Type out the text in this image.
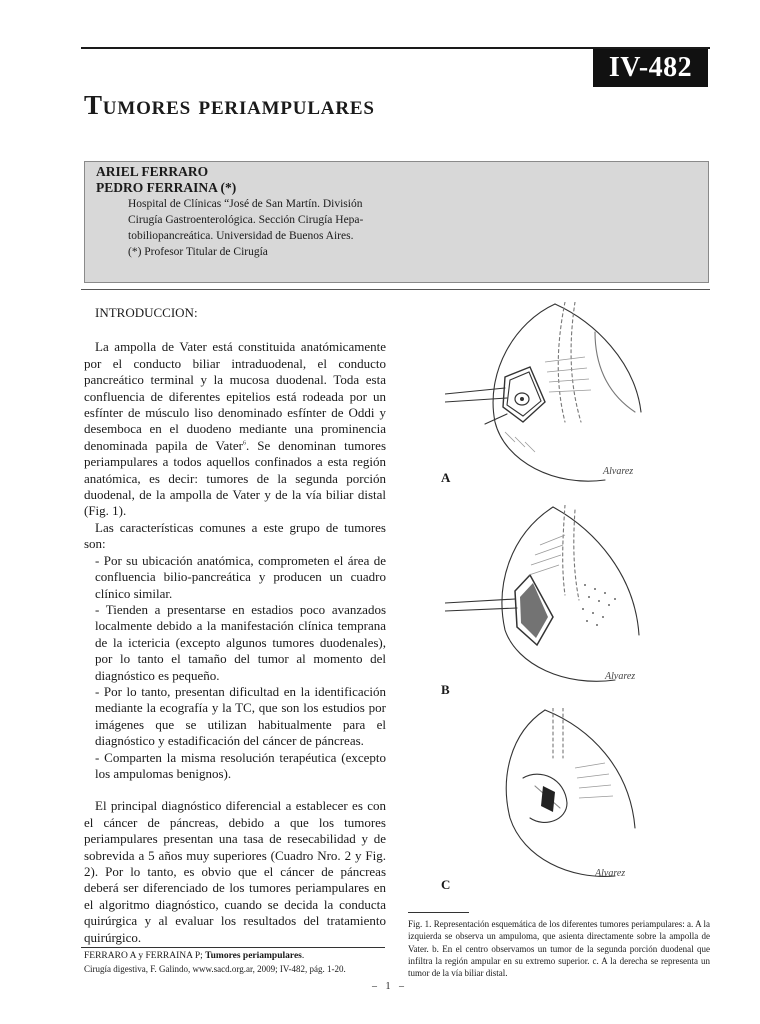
IV-482
Tumores periampulares
ARIEL FERRARO
PEDRO FERRAINA (*)
Hospital de Clínicas “José de San Martín. División
Cirugía Gastroenterológica. Sección Cirugía Hepa-
tobiliopancreática. Universidad de Buenos Aires.
(*) Profesor Titular de Cirugía

INTRODUCCION:

La ampolla de Vater está constituida anatómicamente por el conducto biliar intraduodenal, el conducto pancreático terminal y la mucosa duodenal. Toda esta confluencia de diferentes epitelios está rodeada por un esfínter de músculo liso denominado esfínter de Oddi y desemboca en el duodeno mediante una prominencia denominada papila de Vater$^6$. Se denominan tumores periampulares a todos aquellos confinados a esta región anatómica, es decir: tumores de la segunda porción duodenal, de la ampolla de Vater y de la vía biliar distal (Fig. 1).

Las características comunes a este grupo de tumores son:

- Por su ubicación anatómica, comprometen el área de confluencia bilio-pancreática y producen un cuadro clínico similar.

- Tienden a presentarse en estadios poco avanzados localmente debido a la manifestación clínica temprana de la ictericia (excepto algunos tumores duodenales), por lo tanto el tamaño del tumor al momento del diagnóstico es pequeño.

- Por lo tanto, presentan dificultad en la identificación mediante la ecografía y la TC, que son los estudios por imágenes que se utilizan habitualmente para el diagnóstico y estadificación del cáncer de páncreas.

- Comparten la misma resolución terapéutica (excepto los ampulomas benignos).

El principal diagnóstico diferencial a establecer es con el cáncer de páncreas, debido a que los tumores periampulares presentan una tasa de resecabilidad y de sobrevida a 5 años muy superiores (Cuadro Nro. 2 y Fig. 2). Por lo tanto, es obvio que el cáncer de páncreas deberá ser diferenciado de los tumores periampulares en el algoritmo diagnóstico, cuando se decida la conducta quirúrgica y al evaluar los resultados del tratamiento quirúrgico.

Alvarez
Alvarez
Alvarez
A
B
C
Fig. 1. Representación esquemática de los diferentes tumores periampulares: a. A la izquierda se observa un ampuloma, que asienta directamente sobre la ampolla de Vater. b. En el centro observamos un tumor de la segunda porción duodenal que infiltra la región ampular en su extremo superior. c. A la derecha se representa un tumor de la vía biliar distal.
FERRARO A y FERRAINA P; Tumores periampulares.
Cirugía digestiva, F. Galindo, www.sacd.org.ar, 2009; IV-482, pág. 1-20.
– 1 –
